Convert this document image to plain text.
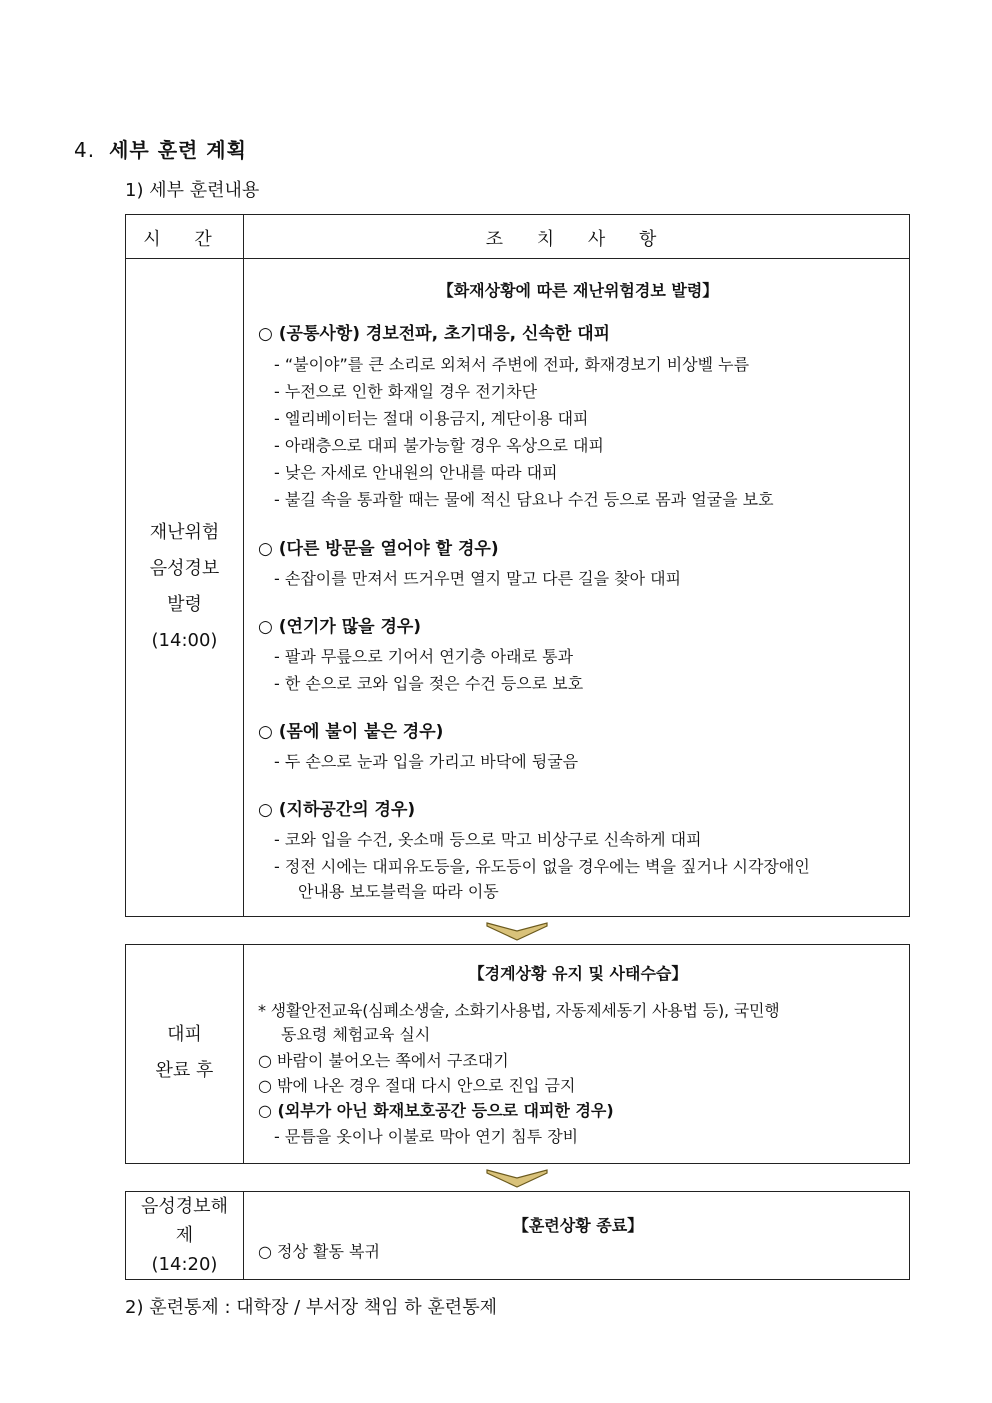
4. 세부 훈련 계획
1) 세부 훈련내용
시 간	조 치 사 항
재난위험
음성경보
발령
(14:00)
【화재상황에 따른 재난위험경보 발령】
○ (공통사항) 경보전파, 초기대응, 신속한 대피
- “불이야”를 큰 소리로 외쳐서 주변에 전파, 화재경보기 비상벨 누름
- 누전으로 인한 화재일 경우 전기차단
- 엘리베이터는 절대 이용금지, 계단이용 대피
- 아래층으로 대피 불가능할 경우 옥상으로 대피
- 낮은 자세로 안내원의 안내를 따라 대피
- 불길 속을 통과할 때는 물에 적신 담요나 수건 등으로 몸과 얼굴을 보호
○ (다른 방문을 열어야 할 경우)
- 손잡이를 만져서 뜨거우면 열지 말고 다른 길을 찾아 대피
○ (연기가 많을 경우)
- 팔과 무릎으로 기어서 연기층 아래로 통과
- 한 손으로 코와 입을 젖은 수건 등으로 보호
○ (몸에 불이 붙은 경우)
- 두 손으로 눈과 입을 가리고 바닥에 뒹굴음
○ (지하공간의 경우)
- 코와 입을 수건, 옷소매 등으로 막고 비상구로 신속하게 대피
- 정전 시에는 대피유도등을, 유도등이 없을 경우에는 벽을 짚거나 시각장애인
안내용 보도블럭을 따라 이동
대피
완료 후
【경계상황 유지 및 사태수습】
* 생활안전교육(심폐소생술, 소화기사용법, 자동제세동기 사용법 등), 국민행
동요령 체험교육 실시
○ 바람이 불어오는 쪽에서 구조대기
○ 밖에 나온 경우 절대 다시 안으로 진입 금지
○ (외부가 아닌 화재보호공간 등으로 대피한 경우)
- 문틈을 옷이나 이불로 막아 연기 침투 장비
음성경보해
제
(14:20)
【훈련상황 종료】
○ 정상 활동 복귀
2) 훈련통제 : 대학장 / 부서장 책임 하 훈련통제
